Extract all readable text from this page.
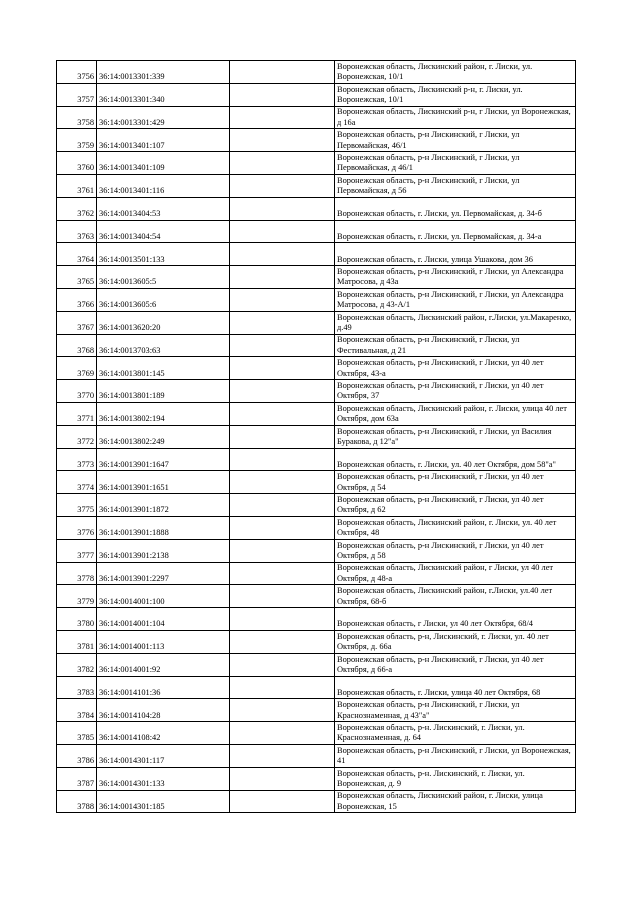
3756	36:14:0013301:339		Воронежская область, Лискинский район, г. Лиски, ул. Воронежская, 10/1
3757	36:14:0013301:340		Воронежская область, Лискинский р-н, г. Лиски, ул. Воронежская, 10/1
3758	36:14:0013301:429		Воронежская область, Лискинский р-н, г Лиски, ул Воронежская, д 16а
3759	36:14:0013401:107		Воронежская область, р-н Лискинский, г Лиски, ул Первомайская, 46/1
3760	36:14:0013401:109		Воронежская область, р-н Лискинский, г Лиски, ул Первомайская, д 46/1
3761	36:14:0013401:116		Воронежская область, р-н Лискинский, г Лиски, ул Первомайская, д 56
3762	36:14:0013404:53		Воронежская область, г. Лиски, ул. Первомайская, д. 34-б
3763	36:14:0013404:54		Воронежская область, г. Лиски, ул. Первомайская, д. 34-а
3764	36:14:0013501:133		Воронежская область, г. Лиски, улица Ушакова, дом 36
3765	36:14:0013605:5		Воронежская область, р-н Лискинский, г Лиски, ул Александра Матросова, д 43а
3766	36:14:0013605:6		Воронежская область, р-н Лискинский, г Лиски, ул Александра Матросова, д 43-А/1
3767	36:14:0013620:20		Воронежская область, Лискинский район, г.Лиски, ул.Макаренко, д.49
3768	36:14:0013703:63		Воронежская область, р-н Лискинский, г Лиски, ул Фестивальная, д 21
3769	36:14:0013801:145		Воронежская область, р-н Лискинский, г Лиски, ул 40 лет Октября, 43-а
3770	36:14:0013801:189		Воронежская область, р-н Лискинский, г Лиски, ул 40 лет Октября, 37
3771	36:14:0013802:194		Воронежская область, Лискинский район, г. Лиски, улица 40 лет Октября, дом 63а
3772	36:14:0013802:249		Воронежская область, р-н Лискинский, г Лиски, ул Василия Буракова, д 12"а"
3773	36:14:0013901:1647		Воронежская область, г. Лиски, ул. 40 лет Октября, дом 58"а"
3774	36:14:0013901:1651		Воронежская область, р-н Лискинский, г Лиски, ул 40 лет Октября, д 54
3775	36:14:0013901:1872		Воронежская область, р-н Лискинский, г Лиски, ул 40 лет Октября, д 62
3776	36:14:0013901:1888		Воронежская область, Лискинский район, г. Лиски, ул. 40 лет Октября, 48
3777	36:14:0013901:2138		Воронежская область, р-н Лискинский, г Лиски, ул 40 лет Октября, д 58
3778	36:14:0013901:2297		Воронежская область, Лискинский район, г Лиски, ул 40 лет Октября, д 48-а
3779	36:14:0014001:100		Воронежская область, Лискинский район, г.Лиски, ул.40 лет Октября, 68-б
3780	36:14:0014001:104		Воронежская область, г Лиски, ул 40 лет Октября, 68/4
3781	36:14:0014001:113		Воронежская область, р-н, Лискинский, г. Лиски, ул. 40 лет Октября, д. 66а
3782	36:14:0014001:92		Воронежская область, р-н Лискинский, г Лиски, ул 40 лет Октября, д 66-а
3783	36:14:0014101:36		Воронежская область, г. Лиски, улица 40 лет Октября, 68
3784	36:14:0014104:28		Воронежская область, р-н Лискинский, г Лиски, ул Краснознаменная, д 43"а"
3785	36:14:0014108:42		Воронежская область, р-н. Лискинский, г. Лиски, ул. Краснознаменная, д. 64
3786	36:14:0014301:117		Воронежская область, р-н Лискинский, г Лиски, ул Воронежская, 41
3787	36:14:0014301:133		Воронежская область, р-н. Лискинский, г. Лиски, ул. Воронежская, д. 9
3788	36:14:0014301:185		Воронежская область, Лискинский район, г. Лиски, улица Воронежская, 15
